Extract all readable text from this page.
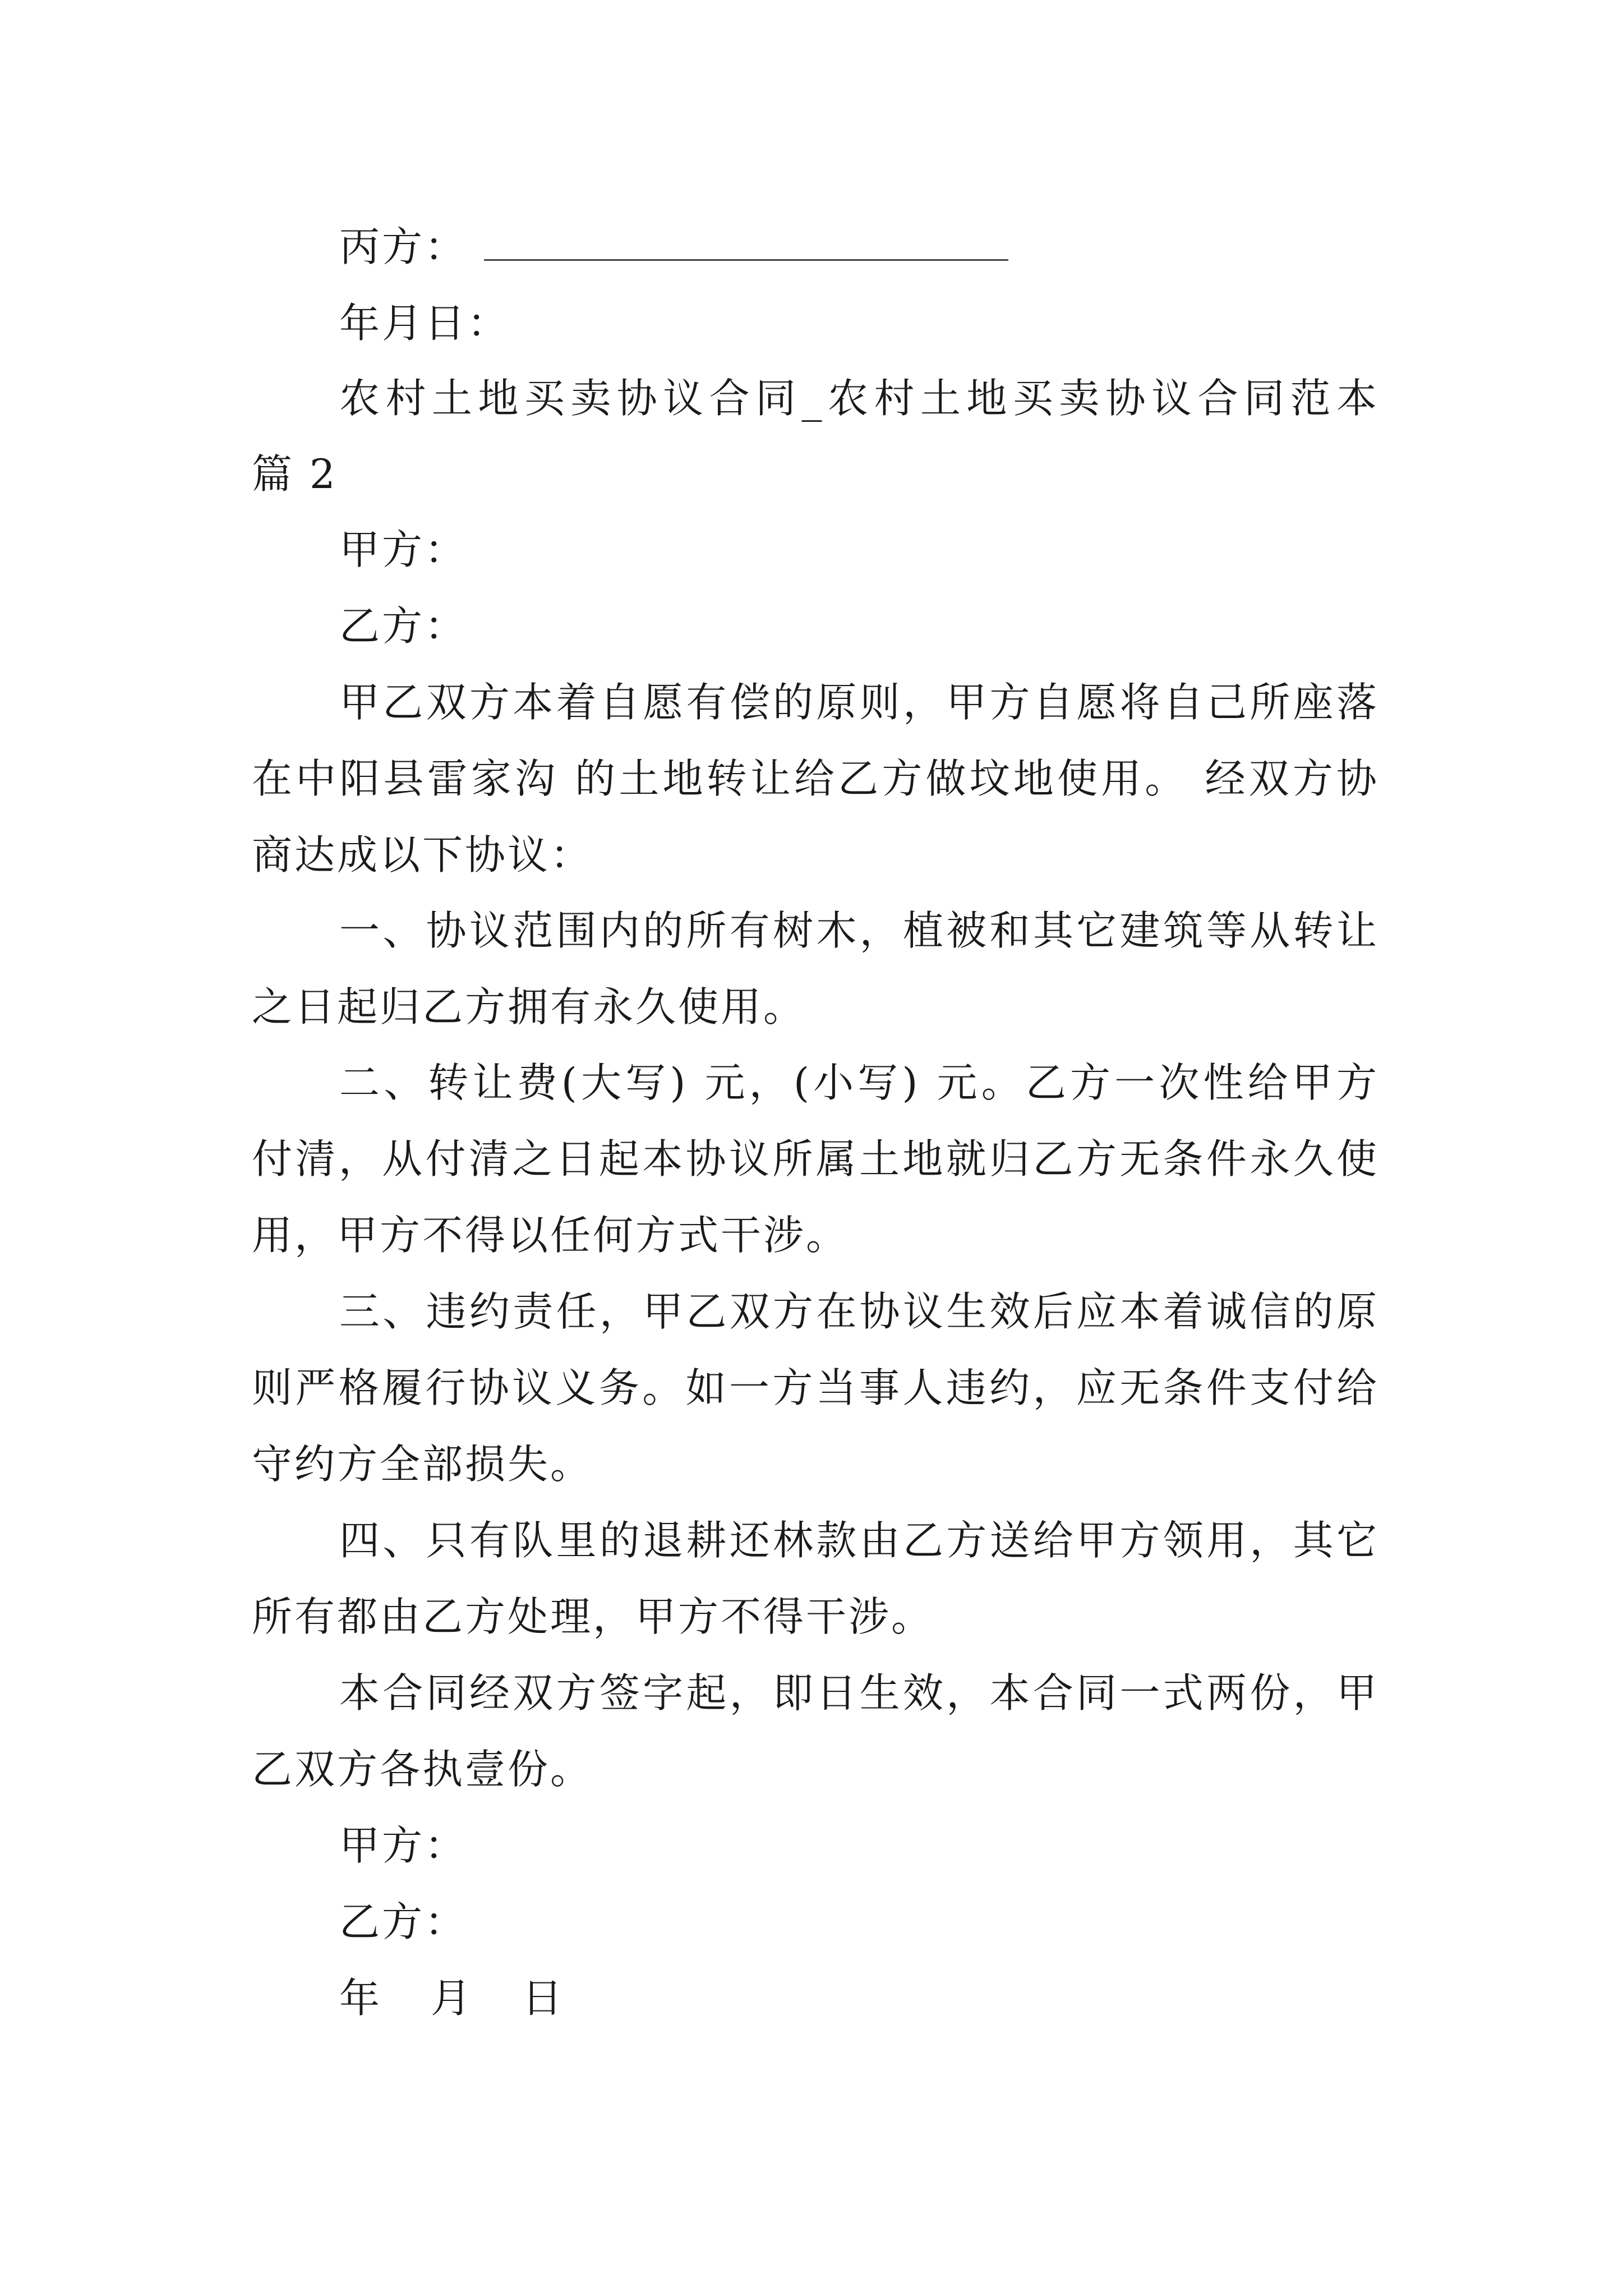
丙方：
年月日：
农村土地买卖协议合同_农村土地买卖协议合同范本
篇 2
甲方：
乙方：
甲乙双方本着自愿有偿的原则，甲方自愿将自己所座落
在中阳县雷家沟 的土地转让给乙方做坟地使用。 经双方协
商达成以下协议：
一、协议范围内的所有树木，植被和其它建筑等从转让
之日起归乙方拥有永久使用。
二、转让费(大写) 元，(小写) 元。乙方一次性给甲方
付清，从付清之日起本协议所属土地就归乙方无条件永久使
用，甲方不得以任何方式干涉。
三、违约责任，甲乙双方在协议生效后应本着诚信的原
则严格履行协议义务。如一方当事人违约，应无条件支付给
守约方全部损失。
四、只有队里的退耕还林款由乙方送给甲方领用，其它
所有都由乙方处理，甲方不得干涉。
本合同经双方签字起，即日生效，本合同一式两份，甲
乙双方各执壹份。
甲方：
乙方：
年 月 日
